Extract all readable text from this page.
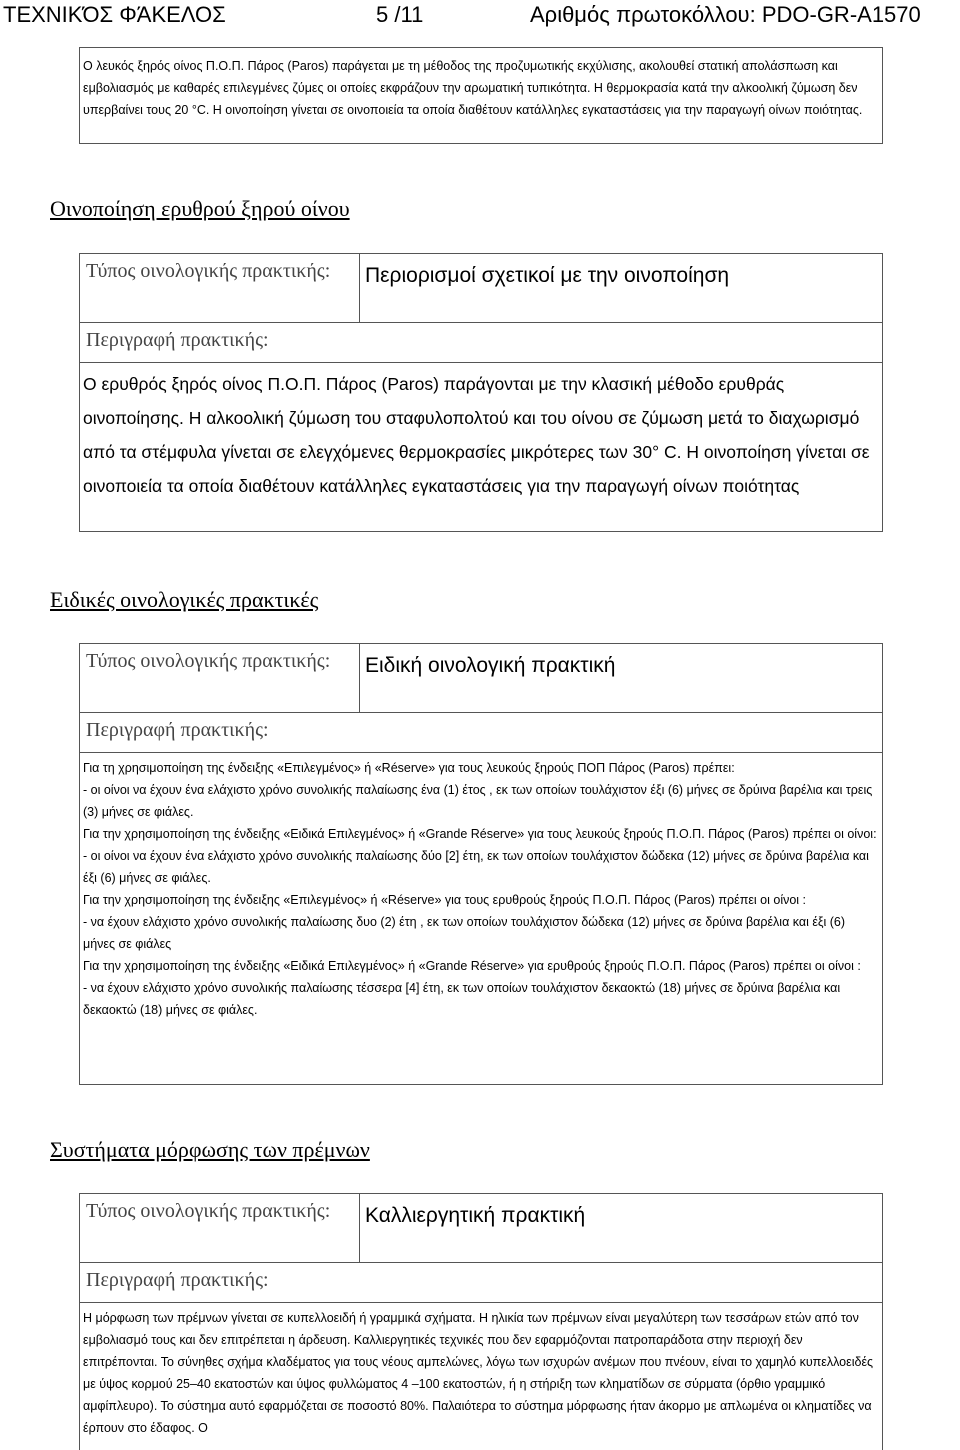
ΤΕΧΝΙΚΌΣ ΦΆΚΕΛΟΣ	5 /11	Αριθμός πρωτοκόλλου: PDO-GR-A1570
Ο λευκός ξηρός οίνος Π.Ο.Π. Πάρος (Paros) παράγεται με τη μέθοδος της προζυμωτικής εκχύλισης, ακολουθεί στατική απολάσπωση και εμβολιασμός με καθαρές επιλεγμένες ζύμες οι οποίες εκφράζουν την αρωματική τυπικότητα. Η θερμοκρασία κατά την αλκοολική ζύμωση δεν υπερβαίνει τους 20 °C. Η οινοποίηση γίνεται σε οινοποιεία τα οποία διαθέτουν κατάλληλες εγκαταστάσεις για την παραγωγή οίνων ποιότητας.
Οινοποίηση ερυθρού ξηρού οίνου
Τύπος οινολογικής πρακτικής:	Περιορισμοί σχετικοί με την οινοποίηση
Περιγραφή πρακτικής:

Ο ερυθρός ξηρός οίνος Π.Ο.Π. Πάρος (Paros) παράγονται με την κλασική μέθοδο ερυθράς οινοποίησης. Η αλκοολική ζύμωση του σταφυλοπολτού και του οίνου σε ζύμωση μετά το διαχωρισμό από τα στέμφυλα γίνεται σε ελεγχόμενες θερμοκρασίες μικρότερες των 30° C. Η οινοποίηση γίνεται σε οινοποιεία τα οποία διαθέτουν κατάλληλες εγκαταστάσεις για την παραγωγή οίνων ποιότητας

Ειδικές οινολογικές πρακτικές
Τύπος οινολογικής πρακτικής:	Ειδική οινολογική πρακτική
Περιγραφή πρακτικής:

Για τη χρησιμοποίηση της ένδειξης «Επιλεγμένος» ή «Réserve» για τους λευκούς ξηρούς ΠΟΠ Πάρος (Paros) πρέπει:

- οι οίνοι να έχουν ένα ελάχιστο χρόνο συνολικής παλαίωσης ένα (1) έτος , εκ των οποίων τουλάχιστον έξι (6) μήνες σε δρύινα βαρέλια και τρεις (3) μήνες σε φιάλες.

Για την χρησιμοποίηση της ένδειξης «Ειδικά Επιλεγμένος» ή «Grande Réserve» για τους λευκούς ξηρούς Π.Ο.Π. Πάρος (Paros) πρέπει οι οίνοι:

- οι οίνοι να έχουν ένα ελάχιστο χρόνο συνολικής παλαίωσης δύο [2] έτη, εκ των οποίων τουλάχιστον δώδεκα (12) μήνες σε δρύινα βαρέλια και έξι (6) μήνες σε φιάλες.

Για την χρησιμοποίηση της ένδειξης «Επιλεγμένος» ή «Réserve» για τους ερυθρούς ξηρούς Π.Ο.Π. Πάρος (Paros) πρέπει οι οίνοι :

- να έχουν ελάχιστο χρόνο συνολικής παλαίωσης δυο (2) έτη , εκ των οποίων τουλάχιστον δώδεκα (12) μήνες σε δρύινα βαρέλια και έξι (6) μήνες σε φιάλες

Για την χρησιμοποίηση της ένδειξης «Ειδικά Επιλεγμένος» ή «Grande Réserve» για ερυθρούς ξηρούς Π.Ο.Π. Πάρος (Paros) πρέπει οι οίνοι :

- να έχουν ελάχιστο χρόνο συνολικής παλαίωσης τέσσερα [4] έτη, εκ των οποίων τουλάχιστον δεκαοκτώ (18) μήνες σε δρύινα βαρέλια και δεκαοκτώ (18) μήνες σε φιάλες.

Συστήματα μόρφωσης των πρέμνων
Τύπος οινολογικής πρακτικής:	Καλλιεργητική πρακτική
Περιγραφή πρακτικής:

Η μόρφωση των πρέμνων γίνεται σε κυπελλοειδή ή γραμμικά σχήματα. Η ηλικία των πρέμνων είναι μεγαλύτερη των τεσσάρων ετών από τον εμβολιασμό τους και δεν επιτρέπεται η άρδευση. Καλλιεργητικές τεχνικές που δεν εφαρμόζονται πατροπαράδοτα στην περιοχή δεν επιτρέπονται. Το σύνηθες σχήμα κλαδέματος για τους νέους αμπελώνες, λόγω των ισχυρών ανέμων που πνέουν, είναι το χαμηλό κυπελλοειδές με ύψος κορμού 25–40 εκατοστών και ύψος φυλλώματος 4 –100 εκατοστών, ή η στήριξη των κληματίδων σε σύρματα (όρθιο γραμμικό αμφίπλευρο). Το σύστημα αυτό εφαρμόζεται σε ποσοστό 80%. Παλαιότερα το σύστημα μόρφωσης ήταν άκορμο με απλωμένα οι κληματίδες να έρπουν στο έδαφος. Ο
